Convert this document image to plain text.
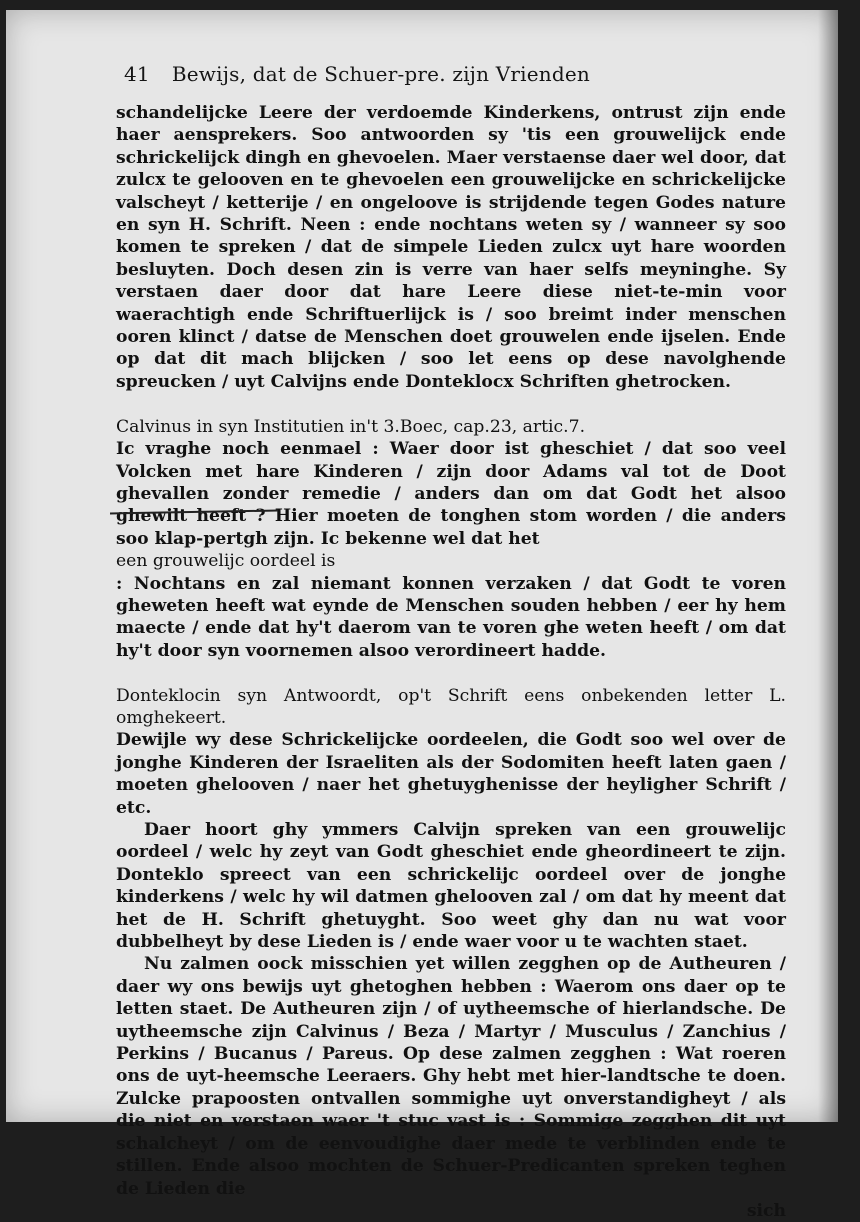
41 Bewijs, dat de Schuer-pre. zijn Vrienden

schandelijcke Leere der verdoemde Kinderkens, ontrust zijn ende haer aensprekers. Soo antwoorden sy 'tis een grouwelijck ende schrickelijck dingh en ghevoelen. Maer verstaense daer wel door, dat zulcx te gelooven en te ghevoelen een grouwelijcke en schrickelijcke valscheyt / ketterije / en ongeloove is strijdende tegen Godes nature en syn H. Schrift. Neen : ende nochtans weten sy / wanneer sy soo komen te spreken / dat de simpele Lieden zulcx uyt hare woorden besluyten. Doch desen zin is verre van haer selfs meyninghe. Sy verstaen daer door dat hare Leere diese niet-te-min voor waerachtigh ende Schriftuerlijck is / soo breimt inder menschen ooren klinct / datse de Menschen doet grouwelen ende ijselen. Ende op dat dit mach blijcken / soo let eens op dese navolghende spreucken / uyt Calvijns ende Donteklocx Schriften ghetrocken.

Calvinus in syn Institutien in't 3.Boec, cap.23, artic.7.
Ic vraghe noch eenmael : Waer door ist gheschiet / dat soo veel Volcken met hare Kinderen / zijn door Adams val tot de Doot ghevallen zonder remedie / anders dan om dat Godt het alsoo ghewilt heeft ? Hier moeten de tonghen stom worden / die anders soo klap-pertgh zijn. Ic bekenne wel dat het
een grouwelijc oordeel is
: Nochtans en zal niemant konnen verzaken / dat Godt te voren gheweten heeft wat eynde de Menschen souden hebben / eer hy hem maecte / ende dat hy't daerom van te voren ghe weten heeft / om dat hy't door syn voornemen alsoo verordineert hadde.

Donteklocin syn Antwoordt, op't Schrift eens onbekenden letter L. omghekeert.
Dewijle wy dese Schrickelijcke oordeelen, die Godt soo wel over de jonghe Kinderen der Israeliten als der Sodomiten heeft laten gaen / moeten ghelooven / naer het ghetuyghenisse der heyligher Schrift / etc.

Daer hoort ghy ymmers Calvijn spreken van een grouwelijc oordeel / welc hy zeyt van Godt gheschiet ende gheordineert te zijn. Donteklo spreect van een schrickelijc oordeel over de jonghe kinderkens / welc hy wil datmen ghelooven zal / om dat hy meent dat het de H. Schrift ghetuyght. Soo weet ghy dan nu wat voor dubbelheyt by dese Lieden is / ende waer voor u te wachten staet.

Nu zalmen oock misschien yet willen zegghen op de Autheuren / daer wy ons bewijs uyt ghetoghen hebben : Waerom ons daer op te letten staet. De Autheuren zijn / of uytheemsche of hierlandsche. De uytheemsche zijn Calvinus / Beza / Martyr / Musculus / Zanchius / Perkins / Bucanus / Pareus. Op dese zalmen zegghen : Wat roeren ons de uyt-heemsche Leeraers. Ghy hebt met hier-landtsche te doen. Zulcke prapoosten ontvallen sommighe uyt onverstandigheyt / als die niet en verstaen waer 't stuc vast is : Sommige zegghen dit uyt schalcheyt / om de eenvoudighe daer mede te verblinden ende te stillen. Ende alsoo mochten de Schuer-Predicanten spreken teghen de Lieden die

sich
